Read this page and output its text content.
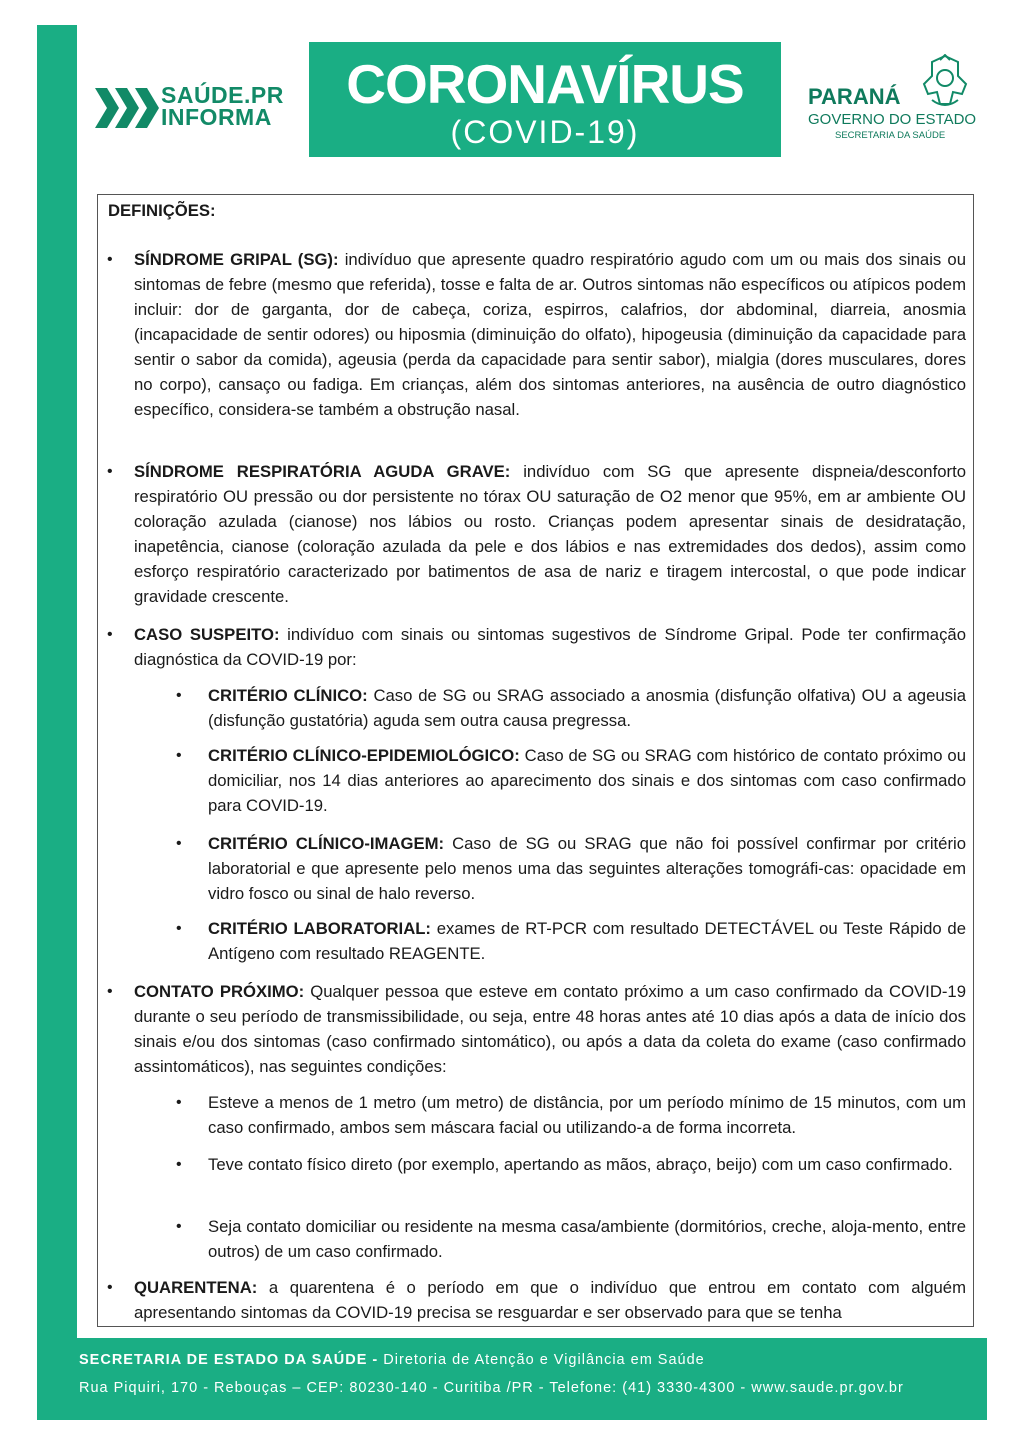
SAÚDE.PR
INFORMA
CORONAVÍRUS
(COVID-19)
PARANÁ
GOVERNO DO ESTADO
SECRETARIA DA SAÚDE
DEFINIÇÕES:
• SÍNDROME GRIPAL (SG): indivíduo que apresente quadro respiratório agudo com um ou mais dos sinais ou sintomas de febre (mesmo que referida), tosse e falta de ar. Outros sintomas não específicos ou atípicos podem incluir: dor de garganta, dor de cabeça, coriza, espirros, calafrios, dor abdominal, diarreia, anosmia (incapacidade de sentir odores) ou hiposmia (diminuição do olfato), hipogeusia (diminuição da capacidade para sentir o sabor da comida), ageusia (perda da capacidade para sentir sabor), mialgia (dores musculares, dores no corpo), cansaço ou fadiga. Em crianças, além dos sintomas anteriores, na ausência de outro diagnóstico específico, considera-se também a obstrução nasal.
• SÍNDROME RESPIRATÓRIA AGUDA GRAVE: indivíduo com SG que apresente dispneia/desconforto respiratório OU pressão ou dor persistente no tórax OU saturação de O2 menor que 95%, em ar ambiente OU coloração azulada (cianose) nos lábios ou rosto. Crianças podem apresentar sinais de desidratação, inapetência, cianose (coloração azulada da pele e dos lábios e nas extremidades dos dedos), assim como esforço respiratório caracterizado por batimentos de asa de nariz e tiragem intercostal, o que pode indicar gravidade crescente.
• CASO SUSPEITO: indivíduo com sinais ou sintomas sugestivos de Síndrome Gripal. Pode ter confirmação diagnóstica da COVID-19 por:
• CRITÉRIO CLÍNICO: Caso de SG ou SRAG associado a anosmia (disfunção olfativa) OU a ageusia (disfunção gustatória) aguda sem outra causa pregressa.
• CRITÉRIO CLÍNICO-EPIDEMIOLÓGICO: Caso de SG ou SRAG com histórico de contato próximo ou domiciliar, nos 14 dias anteriores ao aparecimento dos sinais e dos sintomas com caso confirmado para COVID-19.
• CRITÉRIO CLÍNICO-IMAGEM: Caso de SG ou SRAG que não foi possível confirmar por critério laboratorial e que apresente pelo menos uma das seguintes alterações tomográfi-cas: opacidade em vidro fosco ou sinal de halo reverso.
• CRITÉRIO LABORATORIAL: exames de RT-PCR com resultado DETECTÁVEL ou Teste Rápido de Antígeno com resultado REAGENTE.
• CONTATO PRÓXIMO: Qualquer pessoa que esteve em contato próximo a um caso confirmado da COVID-19 durante o seu período de transmissibilidade, ou seja, entre 48 horas antes até 10 dias após a data de início dos sinais e/ou dos sintomas (caso confirmado sintomático), ou após a data da coleta do exame (caso confirmado assintomáticos), nas seguintes condições:
• Esteve a menos de 1 metro (um metro) de distância, por um período mínimo de 15 minutos, com um caso confirmado, ambos sem máscara facial ou utilizando-a de forma incorreta.
• Teve contato físico direto (por exemplo, apertando as mãos, abraço, beijo) com um caso confirmado.
• Seja contato domiciliar ou residente na mesma casa/ambiente (dormitórios, creche, aloja-mento, entre outros) de um caso confirmado.
• QUARENTENA: a quarentena é o período em que o indivíduo que entrou em contato com alguém apresentando sintomas da COVID-19 precisa se resguardar e ser observado para que se tenha
SECRETARIA DE ESTADO DA SAÚDE - Diretoria de Atenção e Vigilância em Saúde
Rua Piquiri, 170 - Rebouças – CEP: 80230-140 - Curitiba /PR - Telefone: (41) 3330-4300 - www.saude.pr.gov.br
